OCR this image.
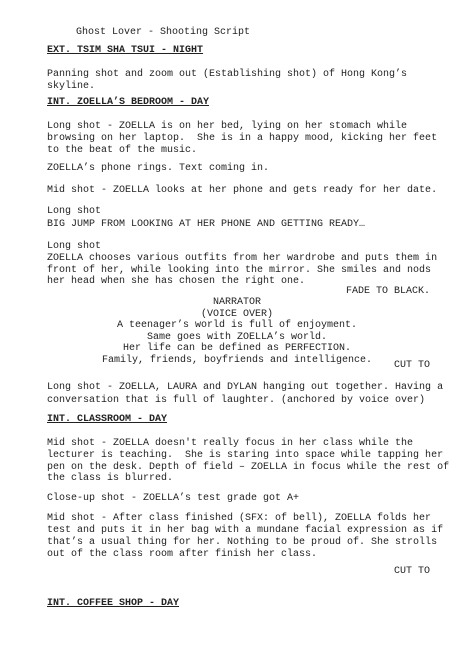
Ghost Lover - Shooting Script

EXT. TSIM SHA TSUI - NIGHT

Panning shot and zoom out (Establishing shot) of Hong Kong’s

skyline.

INT. ZOELLA’S BEDROOM - DAY

Long shot - ZOELLA is on her bed, lying on her stomach while

browsing on her laptop.  She is in a happy mood, kicking her feet

to the beat of the music.

ZOELLA’s phone rings. Text coming in.

Mid shot - ZOELLA looks at her phone and gets ready for her date.

Long shot

BIG JUMP FROM LOOKING AT HER PHONE AND GETTING READY…

Long shot

ZOELLA chooses various outfits from her wardrobe and puts them in

front of her, while looking into the mirror. She smiles and nods

her head when she has chosen the right one.

FADE TO BLACK.

NARRATOR

(VOICE OVER)

A teenager’s world is full of enjoyment.

Same goes with ZOELLA’s world.

Her life can be defined as PERFECTION.

Family, friends, boyfriends and intelligence.	CUT TO

Long shot - ZOELLA, LAURA and DYLAN hanging out together. Having a

conversation that is full of laughter. (anchored by voice over)

INT. CLASSROOM - DAY

Mid shot - ZOELLA doesn't really focus in her class while the

lecturer is teaching.  She is staring into space while tapping her

pen on the desk. Depth of field – ZOELLA in focus while the rest of

the class is blurred.

Close-up shot - ZOELLA’s test grade got A+

Mid shot - After class finished (SFX: of bell), ZOELLA folds her

test and puts it in her bag with a mundane facial expression as if

that’s a usual thing for her. Nothing to be proud of. She strolls

out of the class room after finish her class.

CUT TO

INT. COFFEE SHOP - DAY
